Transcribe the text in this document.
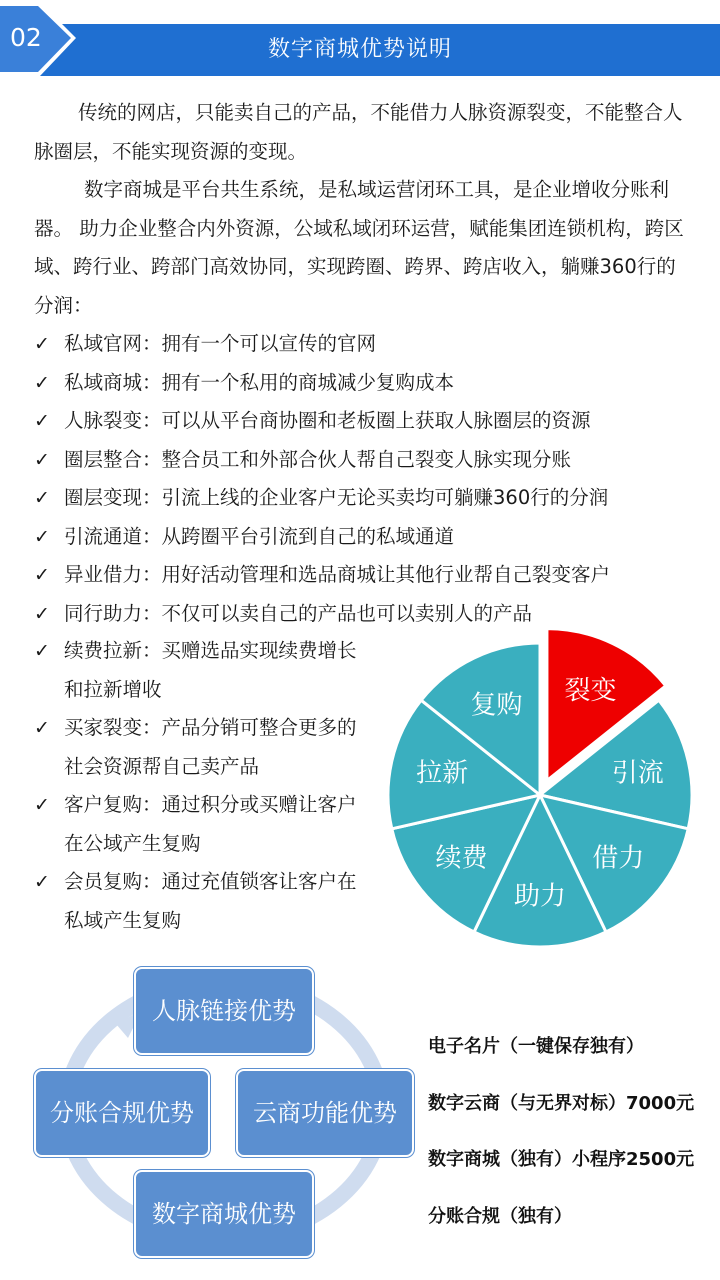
数字商城优势说明
02

传统的网店，只能卖自己的产品，不能借力人脉资源裂变，不能整合人脉圈层，不能实现资源的变现。

数字商城是平台共生系统，是私域运营闭环工具，是企业增收分账利器。 助力企业整合内外资源，公域私域闭环运营，赋能集团连锁机构，跨区域、跨行业、跨部门高效协同，实现跨圈、跨界、跨店收入，躺赚360行的分润：

✓ 私域官网：拥有一个可以宣传的官网
✓ 私域商城：拥有一个私用的商城减少复购成本
✓ 人脉裂变：可以从平台商协圈和老板圈上获取人脉圈层的资源
✓ 圈层整合：整合员工和外部合伙人帮自己裂变人脉实现分账
✓ 圈层变现：引流上线的企业客户无论买卖均可躺赚360行的分润
✓ 引流通道：从跨圈平台引流到自己的私域通道
✓ 异业借力：用好活动管理和选品商城让其他行业帮自己裂变客户
✓ 同行助力：不仅可以卖自己的产品也可以卖别人的产品
✓ 续费拉新：买赠选品实现续费增长和拉新增收
✓ 买家裂变：产品分销可整合更多的社会资源帮自己卖产品
✓ 客户复购：通过积分或买赠让客户在公域产生复购
✓ 会员复购：通过充值锁客让客户在私域产生复购
裂变
引流
借力
助力
续费
拉新
复购
人脉链接优势
分账合规优势	云商功能优势
数字商城优势
电子名片（一键保存独有）
数字云商（与无界对标）7000元
数字商城（独有）小程序2500元
分账合规（独有）
